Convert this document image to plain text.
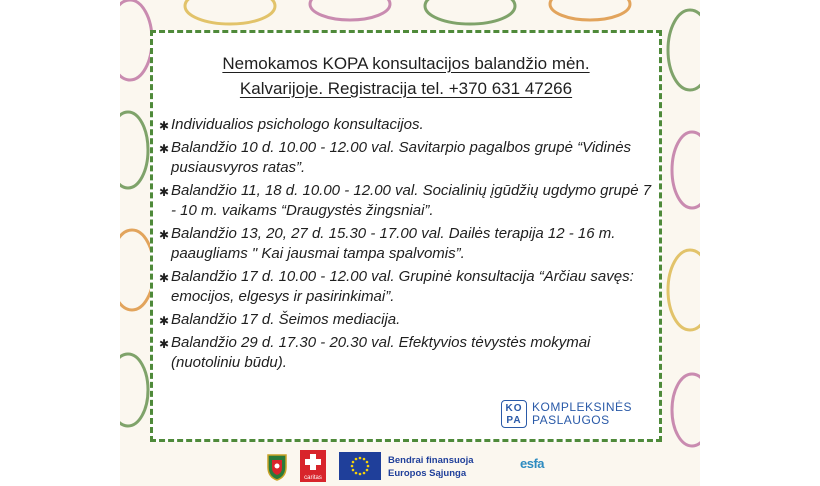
Nemokamos KOPA konsultacijos balandžio mėn.
Kalvarijoje. Registracija tel. +370 631 47266
✱ Individualios psichologo konsultacijos.
✱ Balandžio 10 d. 10.00 - 12.00 val. Savitarpio pagalbos grupė “Vidinės pusiausvyros ratas”.
✱ Balandžio 11, 18 d. 10.00 - 12.00 val. Socialinių įgūdžių ugdymo grupė 7 - 10 m. vaikams “Draugystės žingsniai”.
✱ Balandžio 13, 20, 27 d. 15.30 - 17.00 val. Dailės terapija 12 - 16 m. paaugliams " Kai jausmai tampa spalvomis”.
✱ Balandžio 17 d. 10.00 - 12.00 val. Grupinė konsultacija “Arčiau savęs: emocijos, elgesys ir pasirinkimai”.
✱ Balandžio 17 d. Šeimos mediacija.
✱ Balandžio 29 d. 17.30 - 20.30 val. Efektyvios tėvystės mokymai (nuotoliniu būdu).
KO
PA
KOMPLEKSINĖS
PASLAUGOS
caritas
Bendrai finansuoja
Europos Sąjunga
esfa
